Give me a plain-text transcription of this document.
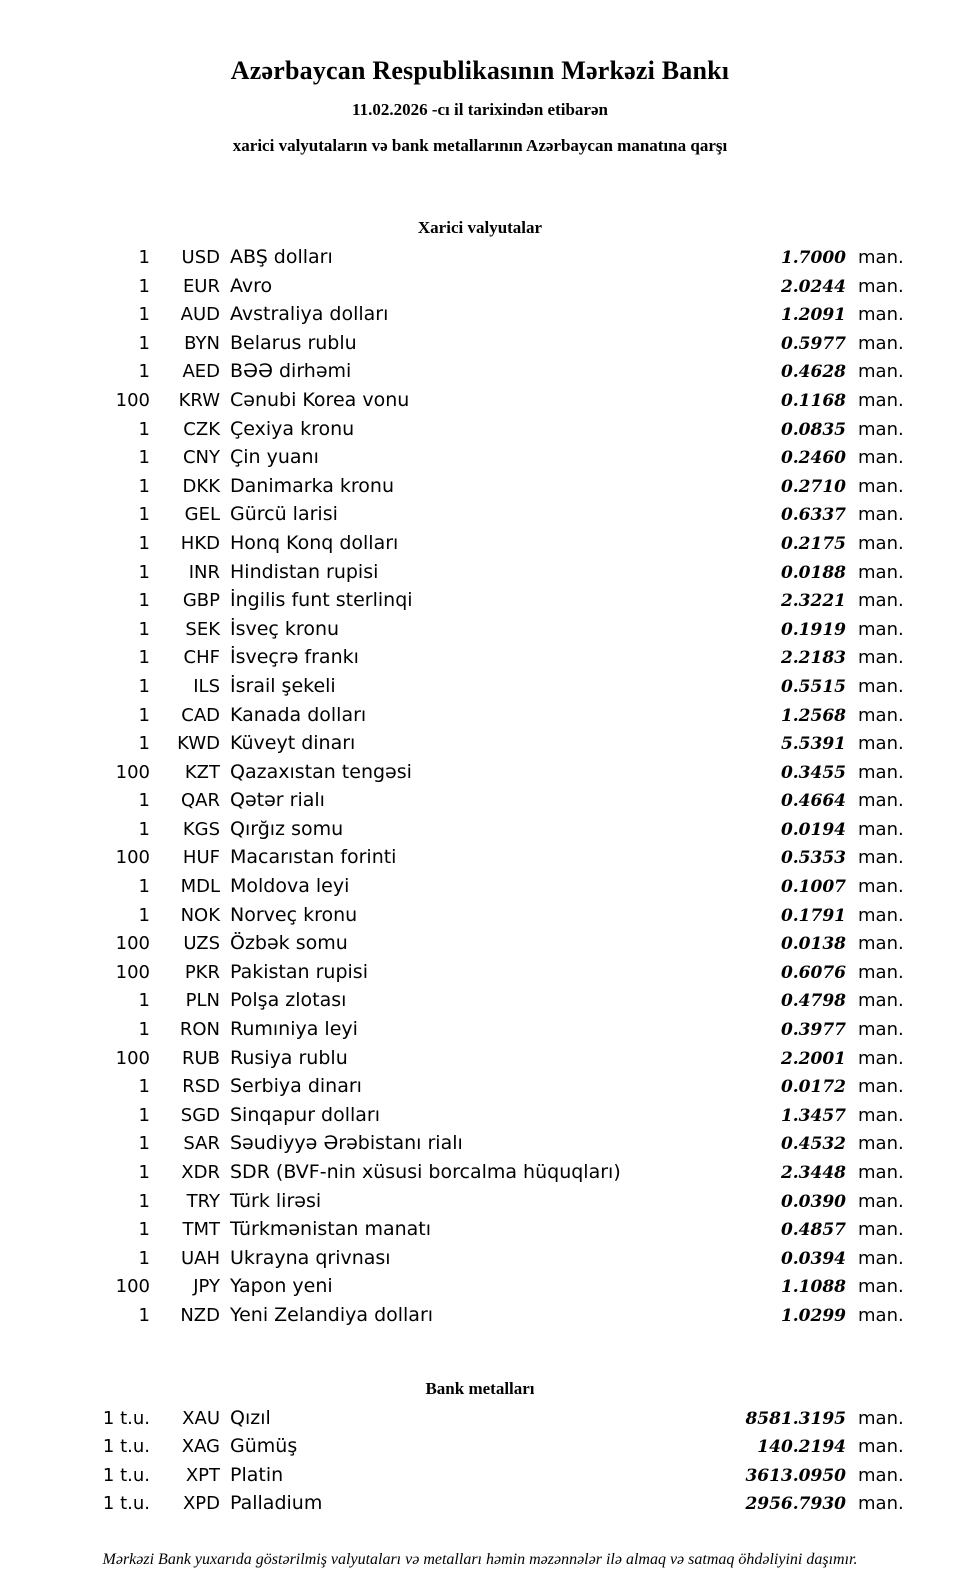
Azərbaycan Respublikasının Mərkəzi Bankı
11.02.2026 -cı il tarixindən etibarən
xarici valyutaların və bank metallarının Azərbaycan manatına qarşı
Xarici valyutalar
1	USD	ABŞ dolları	1.7000	man.
1	EUR	Avro	2.0244	man.
1	AUD	Avstraliya dolları	1.2091	man.
1	BYN	Belarus rublu	0.5977	man.
1	AED	BƏƏ dirhəmi	0.4628	man.
100	KRW	Cənubi Korea vonu	0.1168	man.
1	CZK	Çexiya kronu	0.0835	man.
1	CNY	Çin yuanı	0.2460	man.
1	DKK	Danimarka kronu	0.2710	man.
1	GEL	Gürcü larisi	0.6337	man.
1	HKD	Honq Konq dolları	0.2175	man.
1	INR	Hindistan rupisi	0.0188	man.
1	GBP	İngilis funt sterlinqi	2.3221	man.
1	SEK	İsveç kronu	0.1919	man.
1	CHF	İsveçrə frankı	2.2183	man.
1	ILS	İsrail şekeli	0.5515	man.
1	CAD	Kanada dolları	1.2568	man.
1	KWD	Küveyt dinarı	5.5391	man.
100	KZT	Qazaxıstan tengəsi	0.3455	man.
1	QAR	Qətər rialı	0.4664	man.
1	KGS	Qırğız somu	0.0194	man.
100	HUF	Macarıstan forinti	0.5353	man.
1	MDL	Moldova leyi	0.1007	man.
1	NOK	Norveç kronu	0.1791	man.
100	UZS	Özbək somu	0.0138	man.
100	PKR	Pakistan rupisi	0.6076	man.
1	PLN	Polşa zlotası	0.4798	man.
1	RON	Rumıniya leyi	0.3977	man.
100	RUB	Rusiya rublu	2.2001	man.
1	RSD	Serbiya dinarı	0.0172	man.
1	SGD	Sinqapur dolları	1.3457	man.
1	SAR	Səudiyyə Ərəbistanı rialı	0.4532	man.
1	XDR	SDR (BVF-nin xüsusi borcalma hüquqları)	2.3448	man.
1	TRY	Türk lirəsi	0.0390	man.
1	TMT	Türkmənistan manatı	0.4857	man.
1	UAH	Ukrayna qrivnası	0.0394	man.
100	JPY	Yapon yeni	1.1088	man.
1	NZD	Yeni Zelandiya dolları	1.0299	man.
Bank metalları
1 t.u.	XAU	Qızıl	8581.3195	man.
1 t.u.	XAG	Gümüş	140.2194	man.
1 t.u.	XPT	Platin	3613.0950	man.
1 t.u.	XPD	Palladium	2956.7930	man.
Mərkəzi Bank yuxarıda göstərilmiş valyutaları və metalları həmin məzənnələr ilə almaq və satmaq öhdəliyini daşımır.
